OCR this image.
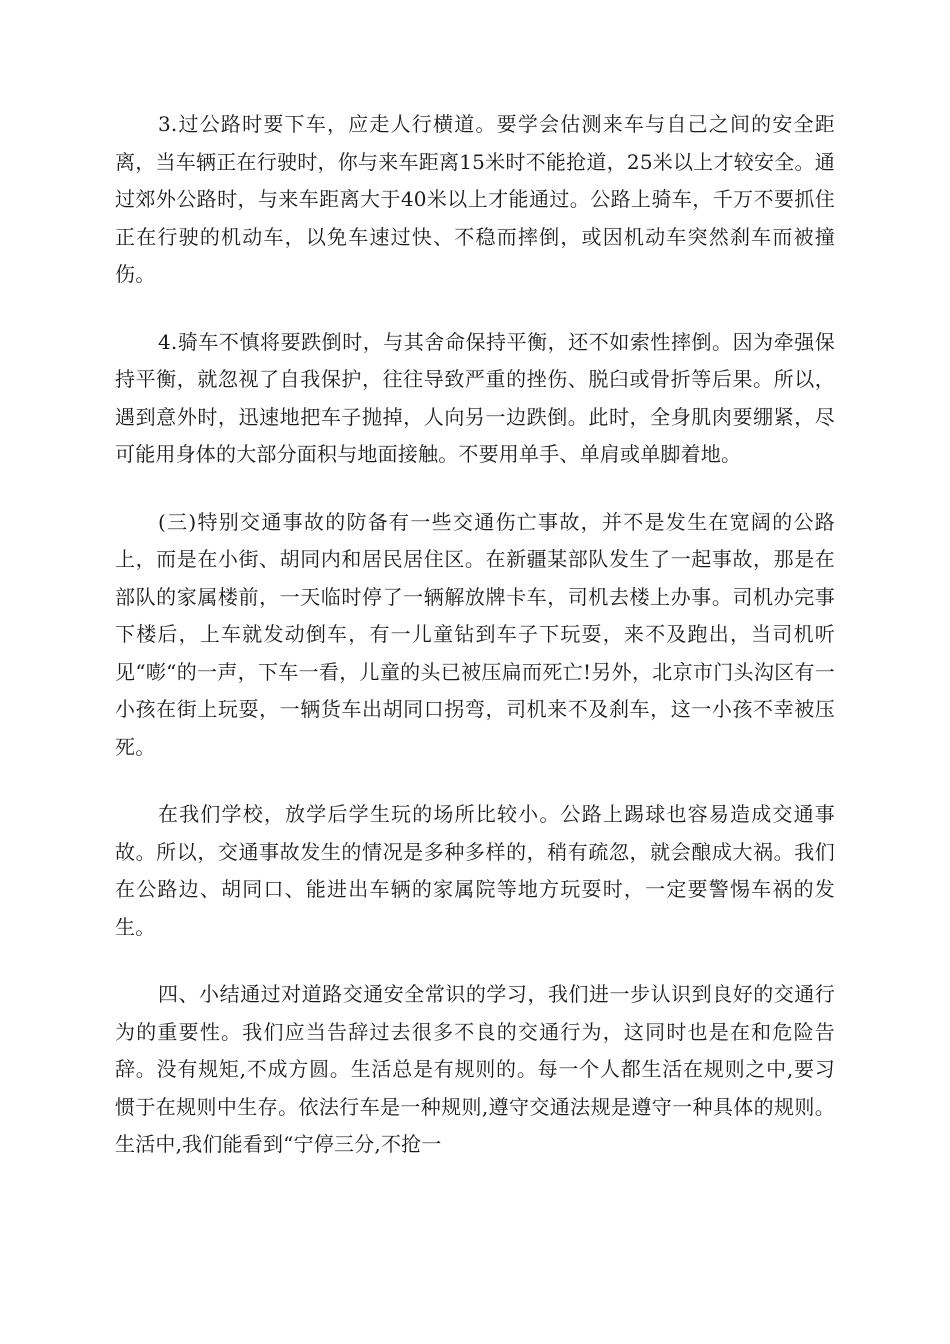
3.过公路时要下车，应走人行横道。要学会估测来车与自己之间的安全距离，当车辆正在行驶时，你与来车距离15米时不能抢道，25米以上才较安全。通过郊外公路时，与来车距离大于40米以上才能通过。公路上骑车，千万不要抓住正在行驶的机动车，以免车速过快、不稳而摔倒，或因机动车突然刹车而被撞伤。

4.骑车不慎将要跌倒时，与其舍命保持平衡，还不如索性摔倒。因为牵强保持平衡，就忽视了自我保护，往往导致严重的挫伤、脱臼或骨折等后果。所以，遇到意外时，迅速地把车子抛掉，人向另一边跌倒。此时，全身肌肉要绷紧，尽可能用身体的大部分面积与地面接触。不要用单手、单肩或单脚着地。

(三)特别交通事故的防备有一些交通伤亡事故，并不是发生在宽阔的公路上，而是在小街、胡同内和居民居住区。在新疆某部队发生了一起事故，那是在部队的家属楼前，一天临时停了一辆解放牌卡车，司机去楼上办事。司机办完事下楼后，上车就发动倒车，有一儿童钻到车子下玩耍，来不及跑出，当司机听见“嘭“的一声，下车一看，儿童的头已被压扁而死亡!另外，北京市门头沟区有一小孩在街上玩耍，一辆货车出胡同口拐弯，司机来不及刹车，这一小孩不幸被压死。

在我们学校，放学后学生玩的场所比较小。公路上踢球也容易造成交通事故。所以，交通事故发生的情况是多种多样的，稍有疏忽，就会酿成大祸。我们在公路边、胡同口、能进出车辆的家属院等地方玩耍时，一定要警惕车祸的发生。

四、小结通过对道路交通安全常识的学习，我们进一步认识到良好的交通行为的重要性。我们应当告辞过去很多不良的交通行为，这同时也是在和危险告辞。没有规矩,不成方圆。生活总是有规则的。每一个人都生活在规则之中,要习惯于在规则中生存。依法行车是一种规则,遵守交通法规是遵守一种具体的规则。生活中,我们能看到“宁停三分,不抢一
